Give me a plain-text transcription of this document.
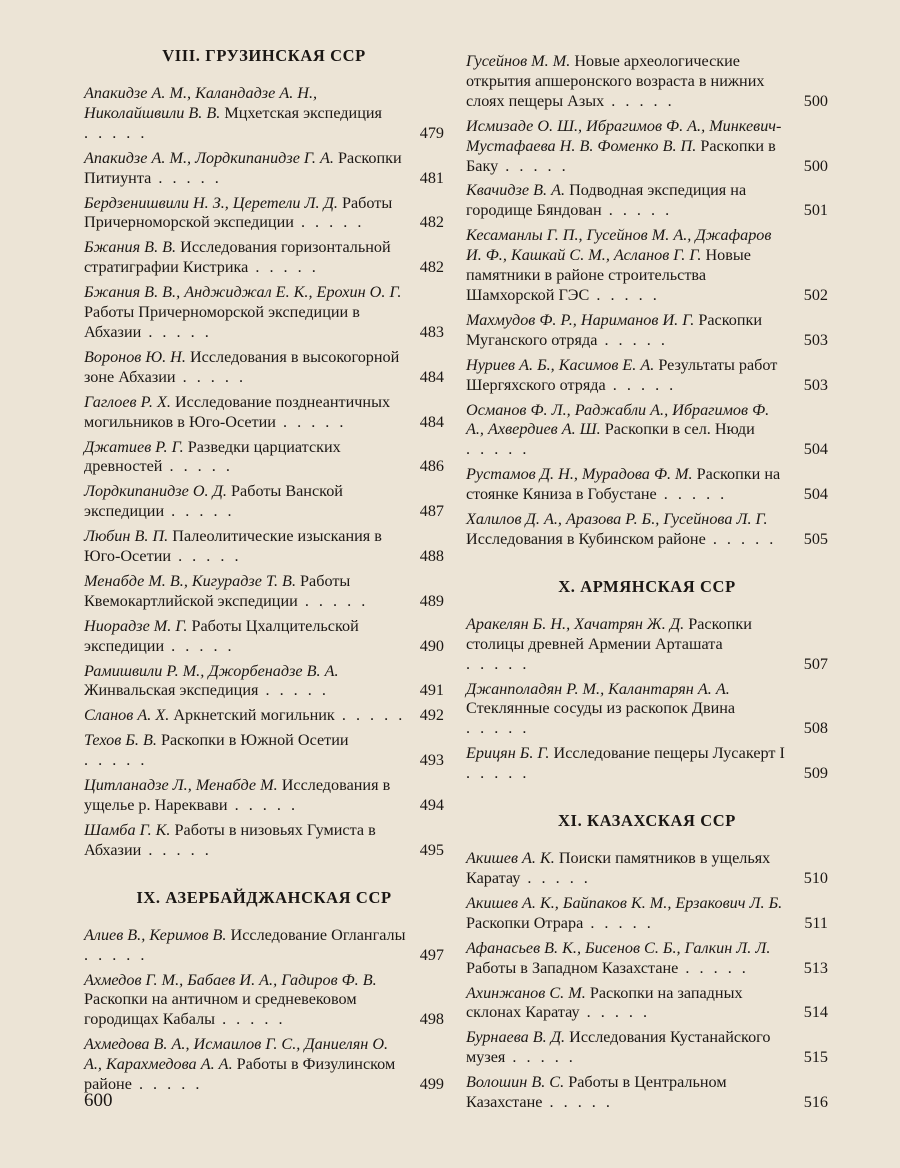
VIII. ГРУЗИНСКАЯ ССР
Апакидзе А. М., Каландадзе А. Н., Николайшвили В. В. Мцхетская экспедиция . . . . .	479
Апакидзе А. М., Лордкипанидзе Г. А. Раскопки Питиунта . . . . .	481
Бердзенишвили Н. З., Церетели Л. Д. Работы Причерноморской экспедиции . . . . .	482
Бжания В. В. Исследования горизонтальной стратиграфии Кистрика . . . . .	482
Бжания В. В., Анджиджал Е. К., Ерохин О. Г. Работы Причерноморской экспедиции в Абхазии . . . . .	483
Воронов Ю. Н. Исследования в высокогорной зоне Абхазии . . . . .	484
Гаглоев Р. Х. Исследование позднеантичных могильников в Юго-Осетии . . . . .	484
Джатиев Р. Г. Разведки царциатских древностей . . . . .	486
Лордкипанидзе О. Д. Работы Ванской экспедиции . . . . .	487
Любин В. П. Палеолитические изыскания в Юго-Осетии . . . . .	488
Менабде М. В., Кигурадзе Т. В. Работы Квемокартлийской экспедиции . . . . .	489
Ниорадзе М. Г. Работы Цхалцительской экспедиции . . . . .	490
Рамишвили Р. М., Джорбенадзе В. А. Жинвальская экспедиция . . . . .	491
Сланов А. Х. Аркнетский могильник . . . . . 492
Техов Б. В. Раскопки в Южной Осетии . . . . .	493
Цитланадзе Л., Менабде М. Исследования в ущелье р. Нареквави . . . . .	494
Шамба Г. К. Работы в низовьях Гумиста в Абхазии . . . . .	495
IX. АЗЕРБАЙДЖАНСКАЯ ССР
Алиев В., Керимов В. Исследование Оглангалы . . . . .	497
Ахмедов Г. М., Бабаев И. А., Гадиров Ф. В. Раскопки на античном и средневековом городищах Кабалы . . . . .	498
Ахмедова В. А., Исмаилов Г. С., Даниелян О. А., Карахмедова А. А. Работы в Физулинском районе . . . . .	499
Гусейнов М. М. Новые археологические открытия апшеронского возраста в нижних слоях пещеры Азых . . . . .	500
Исмизаде О. Ш., Ибрагимов Ф. А., Минкевич-Мустафаева Н. В. Фоменко В. П. Раскопки в Баку . . . . .	500
Квачидзе В. А. Подводная экспедиция на городище Бяндован . . . . .	501
Кесаманлы Г. П., Гусейнов М. А., Джафаров И. Ф., Кашкай С. М., Асланов Г. Г. Новые памятники в районе строительства Шамхорской ГЭС . . . . .	502
Махмудов Ф. Р., Нариманов И. Г. Раскопки Муганского отряда . . . . .	503
Нуриев А. Б., Касимов Е. А. Результаты работ Шергяхского отряда . . . . .	503
Османов Ф. Л., Раджабли А., Ибрагимов Ф. А., Ахвердиев А. Ш. Раскопки в сел. Нюди . . . . .	504
Рустамов Д. Н., Мурадова Ф. М. Раскопки на стоянке Кяниза в Гобустане . . . . .	504
Халилов Д. А., Аразова Р. Б., Гусейнова Л. Г. Исследования в Кубинском районе . . . . .	505
X. АРМЯНСКАЯ ССР
Аракелян Б. Н., Хачатрян Ж. Д. Раскопки столицы древней Армении Арташата . . . . .	507
Джанполадян Р. М., Калантарян А. А. Стеклянные сосуды из раскопок Двина . . . . .	508
Ерицян Б. Г. Исследование пещеры Лусакерт I . . . . .	509
XI. КАЗАХСКАЯ ССР
Акишев А. К. Поиски памятников в ущельях Каратау . . . . .	510
Акишев А. К., Байпаков К. М., Ерзакович Л. Б. Раскопки Отрара . . . . .	511
Афанасьев В. К., Бисенов С. Б., Галкин Л. Л. Работы в Западном Казахстане . . . . .	513
Ахинжанов С. М. Раскопки на западных склонах Каратау . . . . .	514
Бурнаева В. Д. Исследования Кустанайского музея . . . . .	515
Волошин В. С. Работы в Центральном Казахстане . . . . .	516
600
